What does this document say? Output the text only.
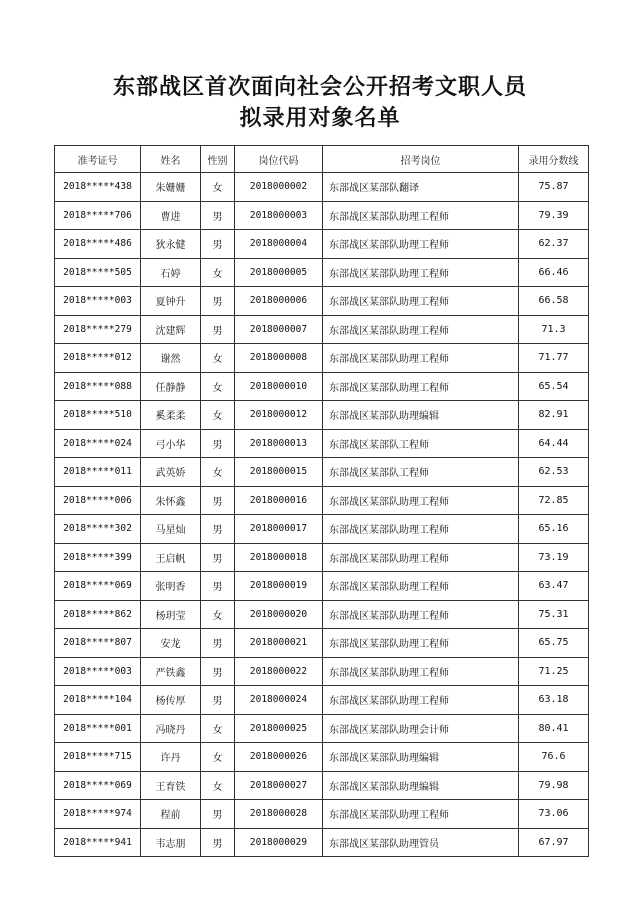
东部战区首次面向社会公开招考文职人员
拟录用对象名单
准考证号	姓名	性别	岗位代码	招考岗位	录用分数线
2018*****438	朱姗姗	女	2018000002	东部战区某部队翻译	75.87
2018*****706	曹进	男	2018000003	东部战区某部队助理工程师	79.39
2018*****486	狄永健	男	2018000004	东部战区某部队助理工程师	62.37
2018*****505	石婷	女	2018000005	东部战区某部队助理工程师	66.46
2018*****003	夏钟升	男	2018000006	东部战区某部队助理工程师	66.58
2018*****279	沈建辉	男	2018000007	东部战区某部队助理工程师	71.3
2018*****012	谢然	女	2018000008	东部战区某部队助理工程师	71.77
2018*****088	任静静	女	2018000010	东部战区某部队助理工程师	65.54
2018*****510	奚柔柔	女	2018000012	东部战区某部队助理编辑	82.91
2018*****024	弓小华	男	2018000013	东部战区某部队工程师	64.44
2018*****011	武英娇	女	2018000015	东部战区某部队工程师	62.53
2018*****006	朱怀鑫	男	2018000016	东部战区某部队助理工程师	72.85
2018*****302	马星灿	男	2018000017	东部战区某部队助理工程师	65.16
2018*****399	王启帆	男	2018000018	东部战区某部队助理工程师	73.19
2018*****069	张明香	男	2018000019	东部战区某部队助理工程师	63.47
2018*****862	杨玥莹	女	2018000020	东部战区某部队助理工程师	75.31
2018*****807	安龙	男	2018000021	东部战区某部队助理工程师	65.75
2018*****003	严铁鑫	男	2018000022	东部战区某部队助理工程师	71.25
2018*****104	杨传厚	男	2018000024	东部战区某部队助理工程师	63.18
2018*****001	冯晓丹	女	2018000025	东部战区某部队助理会计师	80.41
2018*****715	许丹	女	2018000026	东部战区某部队助理编辑	76.6
2018*****069	王育铁	女	2018000027	东部战区某部队助理编辑	79.98
2018*****974	程前	男	2018000028	东部战区某部队助理工程师	73.06
2018*****941	韦志朋	男	2018000029	东部战区某部队助理管员	67.97
